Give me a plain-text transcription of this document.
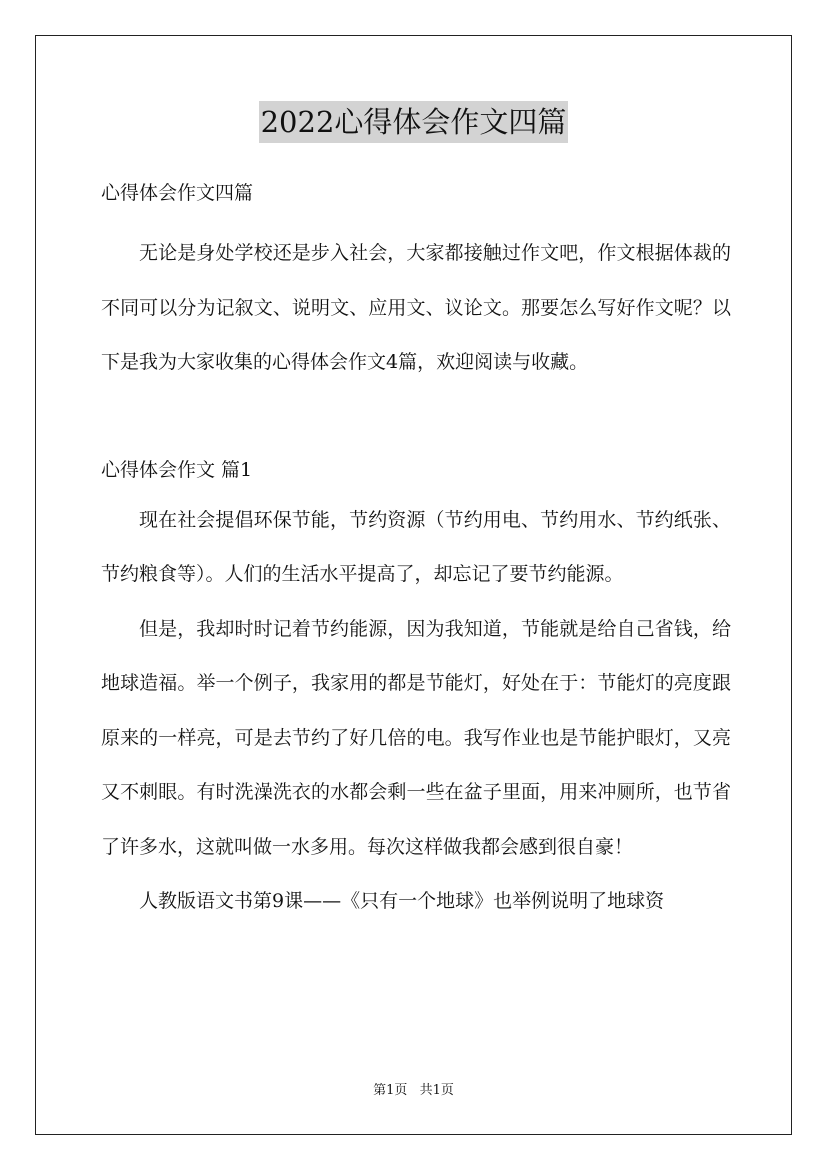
2022心得体会作文四篇
心得体会作文四篇

无论是身处学校还是步入社会，大家都接触过作文吧，作文根据体裁的不同可以分为记叙文、说明文、应用文、议论文。那要怎么写好作文呢？以下是我为大家收集的心得体会作文4篇，欢迎阅读与收藏。

心得体会作文 篇1

现在社会提倡环保节能，节约资源（节约用电、节约用水、节约纸张、节约粮食等）。人们的生活水平提高了，却忘记了要节约能源。

但是，我却时时记着节约能源，因为我知道，节能就是给自己省钱，给地球造福。举一个例子，我家用的都是节能灯，好处在于：节能灯的亮度跟原来的一样亮，可是去节约了好几倍的电。我写作业也是节能护眼灯，又亮又不刺眼。有时洗澡洗衣的水都会剩一些在盆子里面，用来冲厕所，也节省了许多水，这就叫做一水多用。每次这样做我都会感到很自豪！

人教版语文书第9课——《只有一个地球》也举例说明了地球资

第1页 共1页
